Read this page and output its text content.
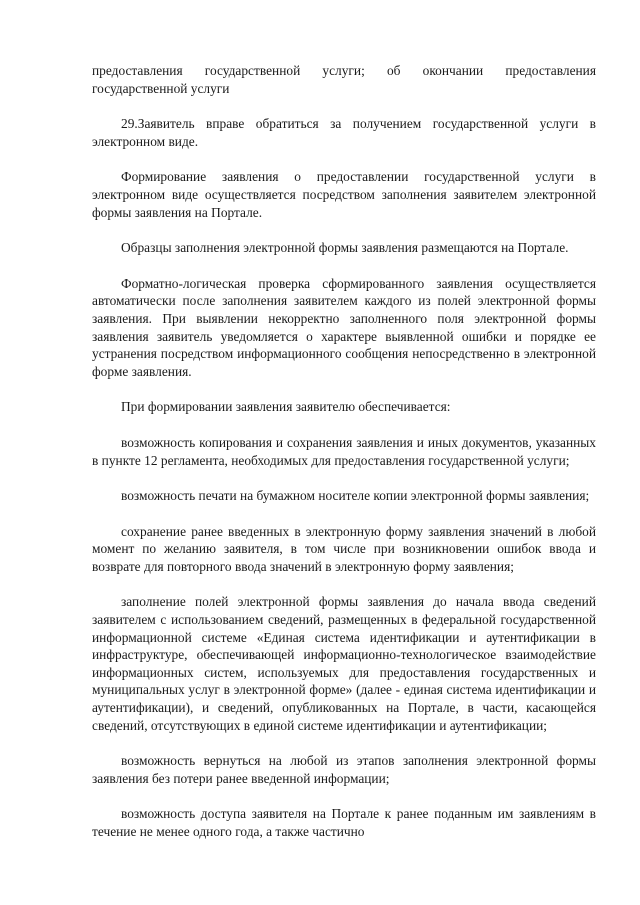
предоставления государственной услуги; об окончании предоставления государственной услуги

29.Заявитель вправе обратиться за получением государственной услуги в электронном виде.

Формирование заявления о предоставлении государственной услуги в электронном виде осуществляется посредством заполнения заявителем электронной формы заявления на Портале.

Образцы заполнения электронной формы заявления размещаются на Портале.

Форматно-логическая проверка сформированного заявления осуществляется автоматически после заполнения заявителем каждого из полей электронной формы заявления. При выявлении некорректно заполненного поля электронной формы заявления заявитель уведомляется о характере выявленной ошибки и порядке ее устранения посредством информационного сообщения непосредственно в электронной форме заявления.

При формировании заявления заявителю обеспечивается:

возможность копирования и сохранения заявления и иных документов, указанных в пункте 12 регламента, необходимых для предоставления государственной услуги;

возможность печати на бумажном носителе копии электронной формы заявления;

сохранение ранее введенных в электронную форму заявления значений в любой момент по желанию заявителя, в том числе при возникновении ошибок ввода и возврате для повторного ввода значений в электронную форму заявления;

заполнение полей электронной формы заявления до начала ввода сведений заявителем с использованием сведений, размещенных в федеральной государственной информационной системе «Единая система идентификации и аутентификации в инфраструктуре, обеспечивающей информационно-технологическое взаимодействие информационных систем, используемых для предоставления государственных и муниципальных услуг в электронной форме» (далее - единая система идентификации и аутентификации), и сведений, опубликованных на Портале, в части, касающейся сведений, отсутствующих в единой системе идентификации и аутентификации;

возможность вернуться на любой из этапов заполнения электронной формы заявления без потери ранее введенной информации;

возможность доступа заявителя на Портале к ранее поданным им заявлениям в течение не менее одного года, а также частично
